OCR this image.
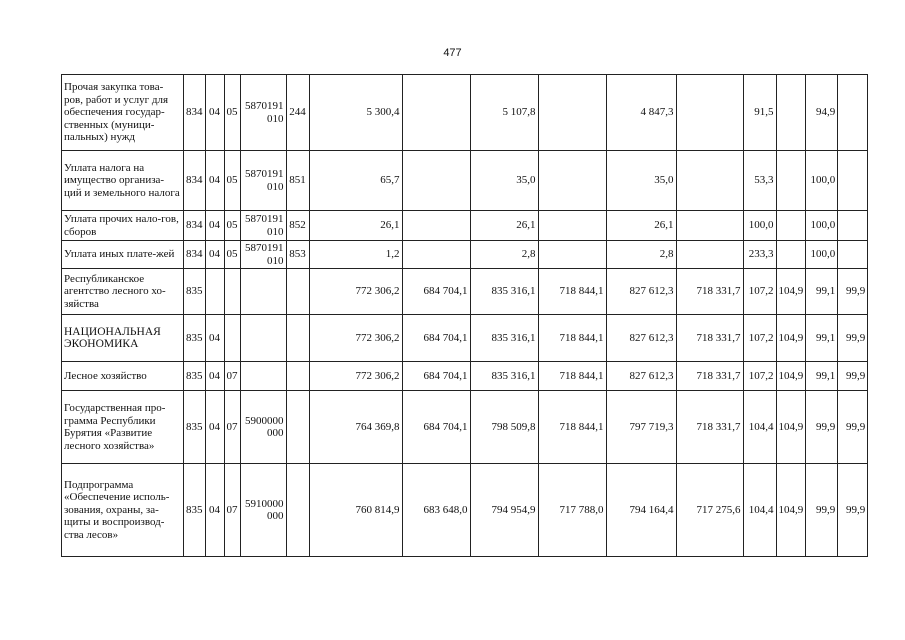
477
Прочая закупка това-ров, работ и услуг для обеспечения государ-ственных (муници-пальных) нужд	834	04	05	5870191 010	244	5 300,4		5 107,8		4 847,3		91,5		94,9	
Уплата налога на имущество организа-ций и земельного налога	834	04	05	5870191 010	851	65,7		35,0		35,0		53,3		100,0	
Уплата прочих нало-гов, сборов	834	04	05	5870191 010	852	26,1		26,1		26,1		100,0		100,0	
Уплата иных плате-жей	834	04	05	5870191 010	853	1,2		2,8		2,8		233,3		100,0	
Республиканское агентство лесного хо-зяйства	835					772 306,2	684 704,1	835 316,1	718 844,1	827 612,3	718 331,7	107,2	104,9	99,1	99,9
НАЦИОНАЛЬНАЯ ЭКОНОМИКА	835	04				772 306,2	684 704,1	835 316,1	718 844,1	827 612,3	718 331,7	107,2	104,9	99,1	99,9
Лесное хозяйство	835	04	07			772 306,2	684 704,1	835 316,1	718 844,1	827 612,3	718 331,7	107,2	104,9	99,1	99,9
Государственная про-грамма Республики Бурятия «Развитие лесного хозяйства»	835	04	07	5900000 000		764 369,8	684 704,1	798 509,8	718 844,1	797 719,3	718 331,7	104,4	104,9	99,9	99,9
Подпрограмма «Обеспечение исполь-зования, охраны, за-щиты и воспроизвод-ства лесов»	835	04	07	5910000 000		760 814,9	683 648,0	794 954,9	717 788,0	794 164,4	717 275,6	104,4	104,9	99,9	99,9
